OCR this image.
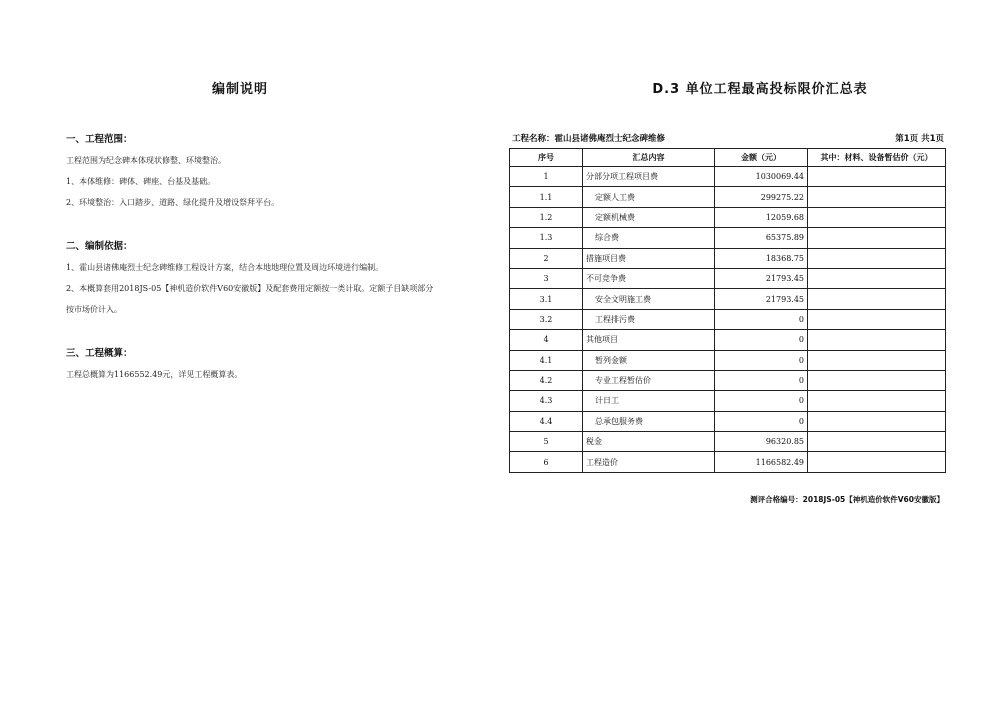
编制说明
一、工程范围：
工程范围为纪念碑本体现状修整、环境整治。
1、本体维修：碑体、碑座、台基及基础。
2、环境整治：入口踏步、道路、绿化提升及增设祭拜平台。
二、编制依据：
1、霍山县诸佛庵烈士纪念碑维修工程设计方案，结合本地地理位置及周边环境进行编制。
2、本概算套用2018JS-05【神机造价软件V60安徽版】及配套费用定额按一类计取。定额子目缺项部分
按市场价计入。
三、工程概算：
工程总概算为1166552.49元，详见工程概算表。
D.3 单位工程最高投标限价汇总表
工程名称：霍山县诸佛庵烈士纪念碑维修	第1页 共1页
序号	汇总内容	金额（元）	其中：材料、设备暂估价（元）
1	分部分项工程项目费	1030069.44	
1.1	定额人工费	299275.22	
1.2	定额机械费	12059.68	
1.3	综合费	65375.89	
2	措施项目费	18368.75	
3	不可竞争费	21793.45	
3.1	安全文明施工费	21793.45	
3.2	工程排污费	0	
4	其他项目	0	
4.1	暂列金额	0	
4.2	专业工程暂估价	0	
4.3	计日工	0	
4.4	总承包服务费	0	
5	税金	96320.85	
6	工程造价	1166582.49	
测评合格编号：2018JS-05【神机造价软件V60安徽版】
